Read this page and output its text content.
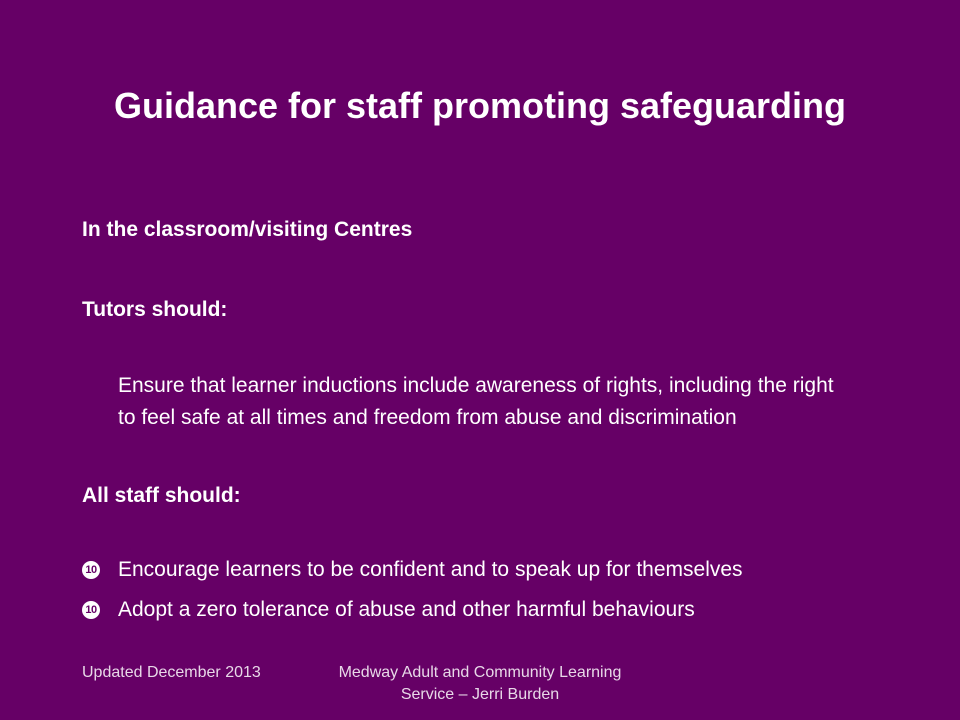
Guidance for staff promoting safeguarding
In the classroom/visiting Centres
Tutors should:
Ensure that learner inductions include awareness of rights, including the right to feel safe at all times and freedom from abuse and discrimination
All staff should:
10 Encourage learners to be confident and to speak up for themselves
10 Adopt a zero tolerance of abuse and other harmful behaviours
Updated December 2013	Medway Adult and Community Learning Service – Jerri Burden
